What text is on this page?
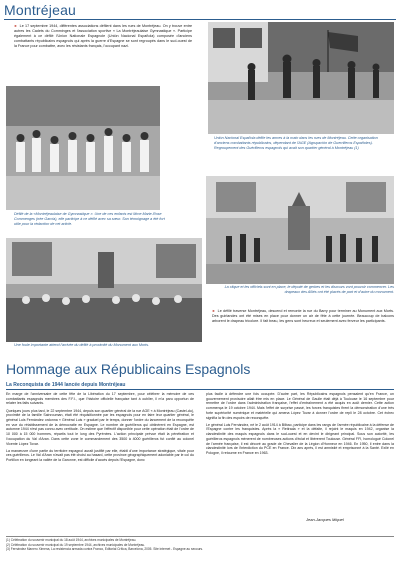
Montréjeau
► Le 17 septembre 1944, différentes associations défilent dans les rues de Montréjeau. On y trouve entre autres les Cadets du Comminges et l'association sportive « La Montréjeaulaise Gymnastique ». Participe également à ce défilé l'Union Nationale Espagnole (Unión Nacional Española) composée d'anciens combattants républicains espagnols qui après la guerre d'Espagne se sont regroupés dans le sud-ouest de la France pour combattre, avec les résistants français, l'occupant nazi.
Unión Nacional Española défile les armes à la main dans les rues de Montréjeau. Cette organisation d'anciens combattants républicains, dépendant de l'AGE (Agrupación de Guerrilleros Españoles). Regroupement des Guérilleros espagnols qui avait son quartier général à Montréjeau (1)
Défilé de la «Montréjeaulaise de Gymnastique ». Une de ces enfants est Mme Marie-Rose Commenges (née Garcia), elle participe à ce défilé avec sa sœur. Son témoignage a été fort utile pour la rédaction de cet article.
La clique et les officiels sont en place, le député de gerbes et les discours vont pouvoir commencer. Les drapeaux des Alliés ont été placés de part et d'autre du monument.
Une foule importante attend l'arrivée du défilé à proximité du Monument aux Morts.
► Le défilé traverse Montréjeau, descend et remonte la rue du Barry pour terminer au Monument aux Morts. Des guirlandes ont été mises en place pour donner un air de fête à cette journée. Beaucoup de balcons arborent le drapeau tricolore. Il fait beau, les gens sont heureux et seulement avec ferveur les participants.
Hommage aux Républicains Espagnols
La Reconquista de 1944 lancée depuis Montréjeau

En marge de l'anniversaire de cette fête de la Libération du 17 septembre, pour célébrer la mémoire de ces combattants espagnols membres des F.F.I., que l'histoire officielle française tant à oublier, il m'a paru opportun de relater les faits suivants.

Quelques jours plus tard, le 22 septembre 1944, depuis son quartier général de la rue AGE « à Montréjeau (Castel-du), proximité de la famille Sainrouman, était été réquisitionnée par les espagnols pour en faire leur quartier général, le général Luis Fernández ordonna « Général Luis » graduel par le temps, donner l'ordre du lancement de la reconquête en vue du rétablissement de la démocratie en Espagne. Le nombre de guérilleros qui obtinèrent en Espagne, est automne 1944 n'est pas connu avec certitude. On estime que l'effectif disponible pour cette opération était de l'ordre de 10 000 à 15 000 hommes, répartis tout le long des Pyrénées. L'action principale prévue était la pénétration et l'occupation du Val d'Aran. Dans cette zone le commandement des 3500 à 4000 guérilleros fut confié au colonel Vicente López Tovar.

La manœuvre d'une partie du territoire espagnol aurait justifié par elle, établi d'une importance stratégique, vitale pour ces guérilleros. Le Val d'Aran n'avait pas été choisi au hasard, cette province géographiquement adoniable par le col du Portillon en longeant la vallée de la Garonne, est difficile d'accès depuis l'Espagne, donc

plus facile à défendre une fois occupée. D'autre part, les Républicains espagnols pensaient qu'en France, un gouvernement provisoire allait être mis en place. Le Général de Gaulle était déjà à Toulouse le 16 septembre pour remettre de l'ordre dans l'administration française, l'effet d'entraînement a été acquis en août dernier. Cette action commença le 19 octobre 1944. Mais l'effet de surprise passé, les forces franquistes firent la démonstration d'une très forte supériorité numérique et matérielle qui amena López Tovar à donner l'ordre de repli le 28 octobre. Cet échec signifia la fin des espoirs de reconquête.

Le général Luis Fernández, né le 2 août 1914 à Bilbao, participe dans les rangs de l'armée républicaine à la défense de l'Espagne contre les franquistes. Après la « Retirada » et la défaite, il rejoint le maquis en 1942, organise la clandestinité des maquis espagnols dans le sud-ouest et en devint le dirigeant principal. Sous son autorité, les guérilleros espagnols mènerent de nombreuses actions d'éclat et libèrerent Toulouse. Général FFI, homologué Colonel de l'armée française, il est décoré au grade de Chevalier de la Légion d'Honneur en 1946. En 1950, il entre dans la clandestinité lors de l'interdiction du PCE en France. Dix ans après, il est amnistié et emprisonné à la Santé. Exilé en Pologne, il retourne en France en 1963.

Jean-Jacques Miquel
(1) Célébration du souvenir municipal du 18 août 1944, archives municipales de Montréjeau.
(2) Célébration du souvenir municipal du 19 septembre 1944, archives municipales de Montréjeau.
(3) Fernández Manero Ximena, La resistencia armada contra Franco, Editorial Crítica, Barcelona, 2005. Site internet - Espagne au secours.
